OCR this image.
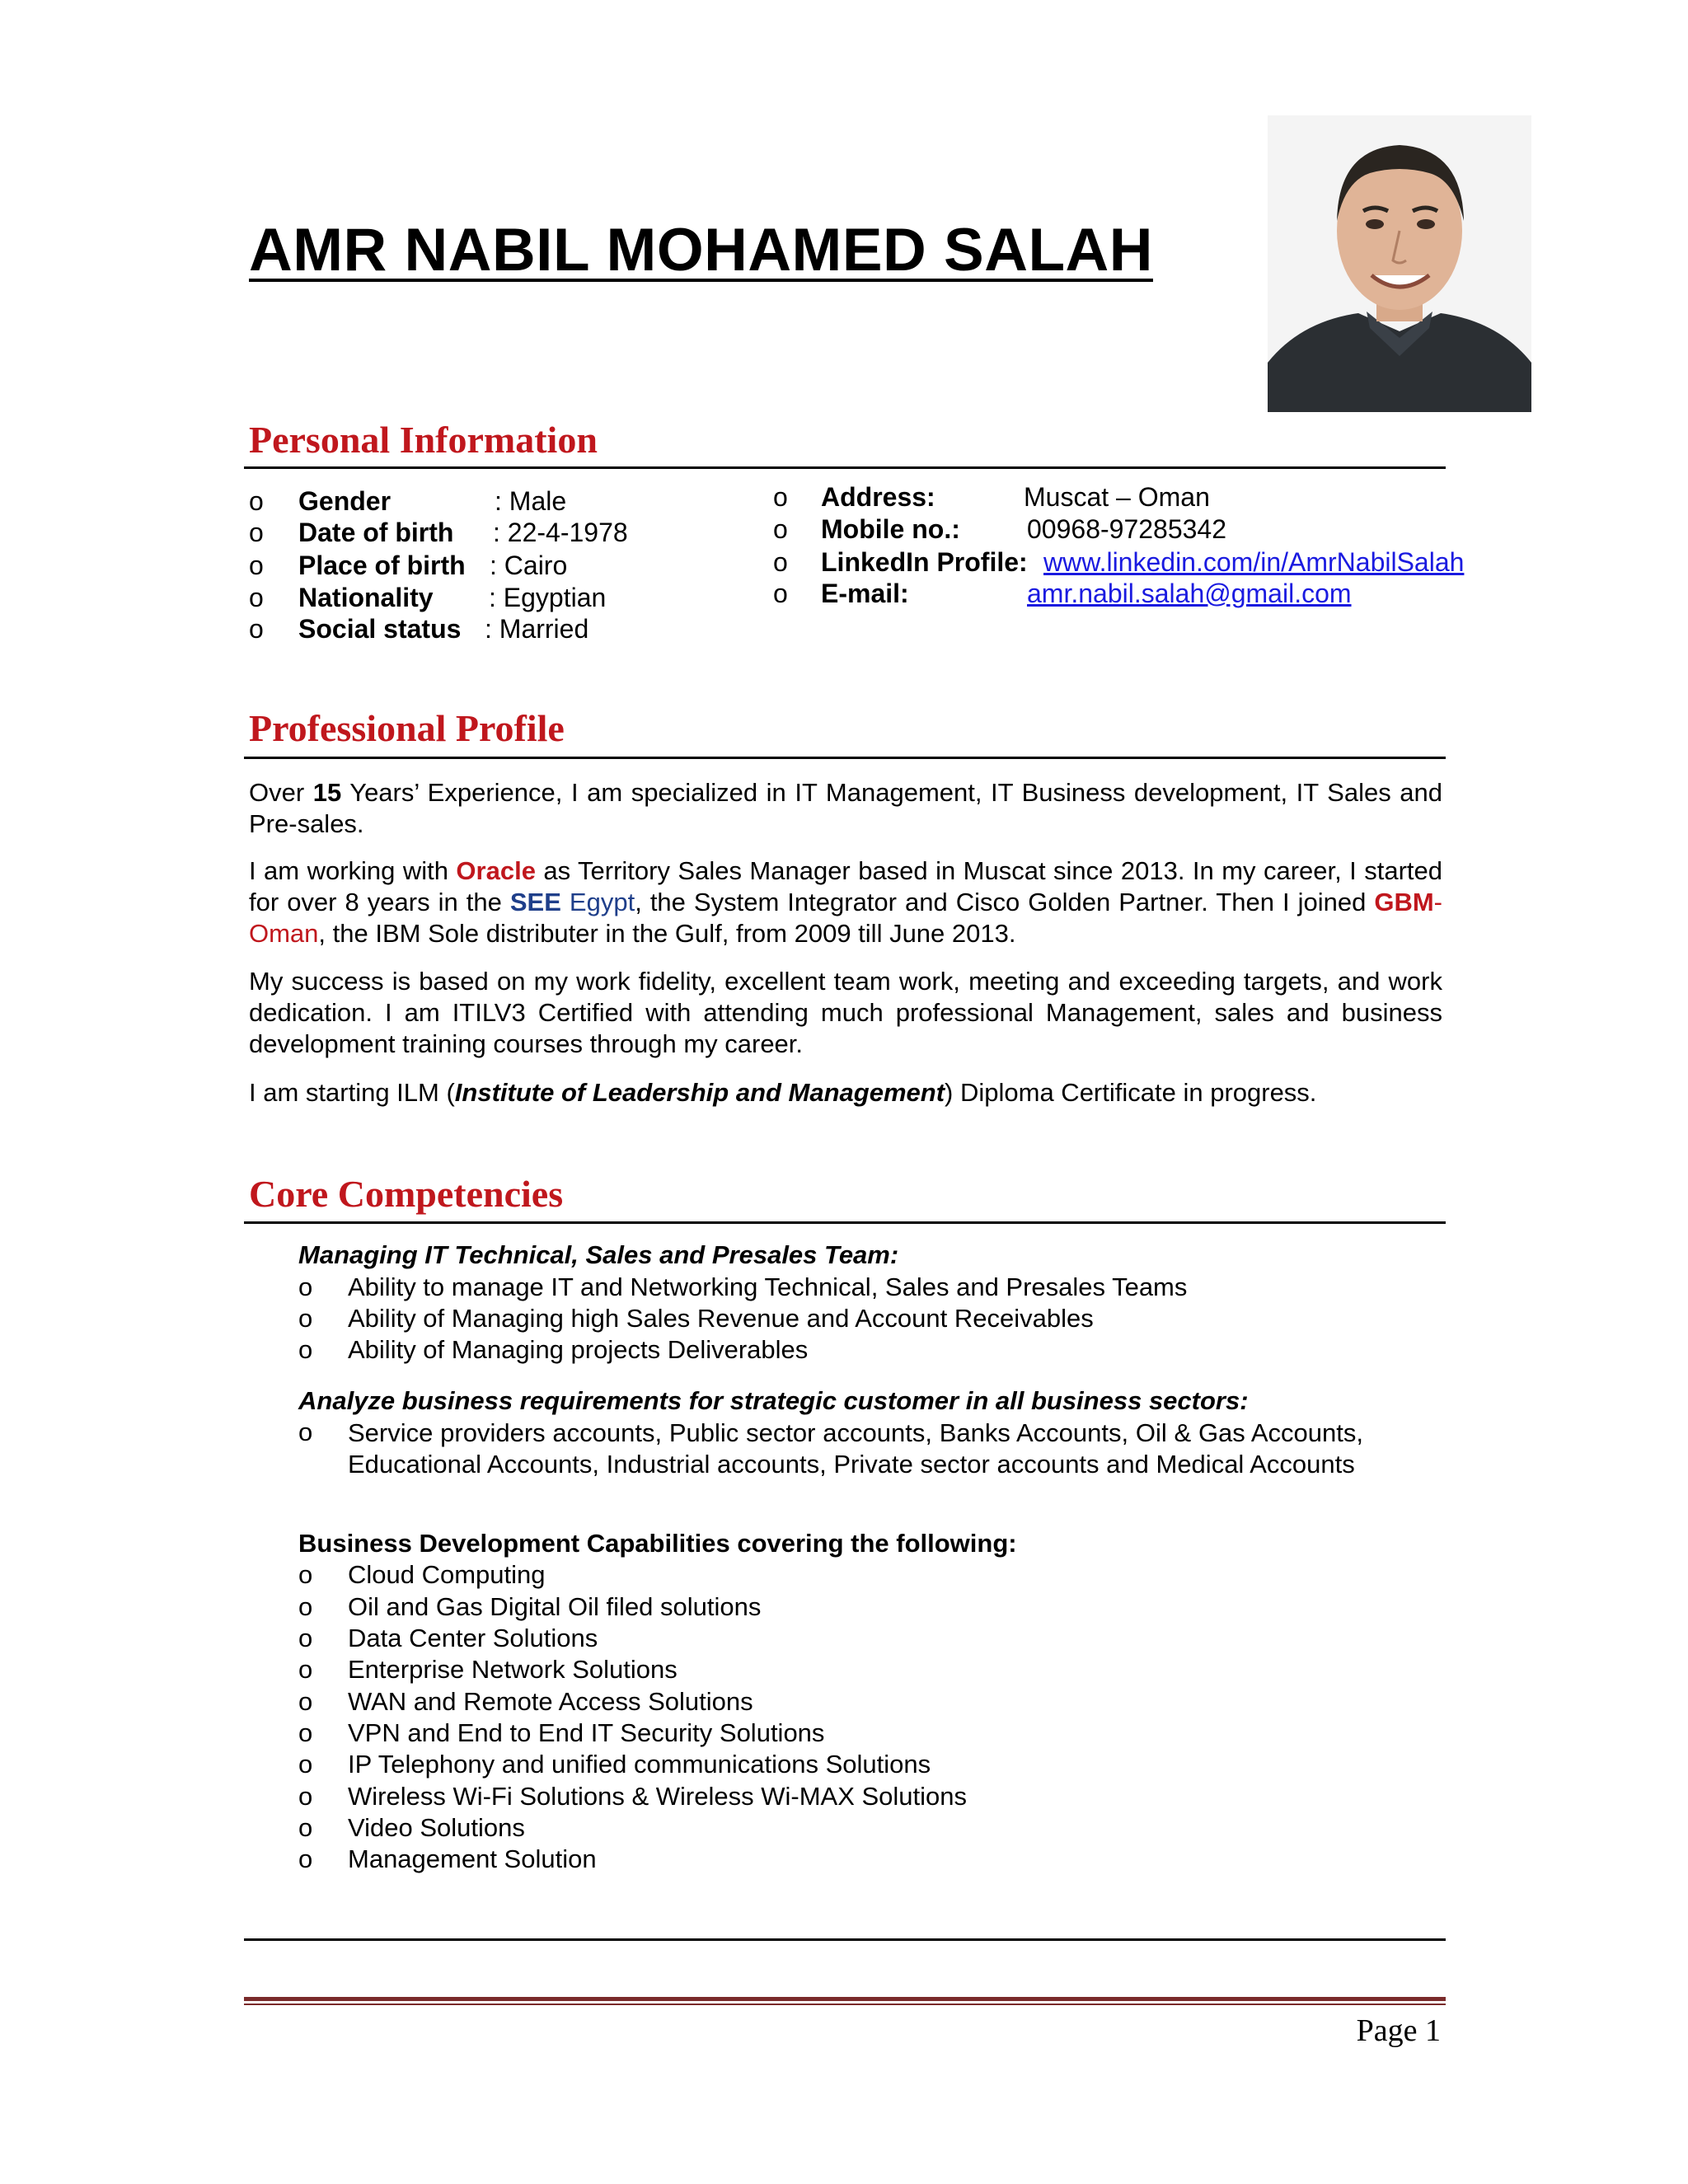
AMR NABIL MOHAMED SALAH
Personal Information
o Gender	: Male
o Date of birth : 22-4-1978
o Place of birth : Cairo
o Nationality : Egyptian
o Social status : Married
o Address:	Muscat – Oman
o Mobile no.:	00968-97285342
o LinkedIn Profile: www.linkedin.com/in/AmrNabilSalah
o E-mail:	amr.nabil.salah@gmail.com
Professional Profile
Over 15 Years’ Experience, I am specialized in IT Management, IT Business development, IT Sales and Pre-sales.
I am working with Oracle as Territory Sales Manager based in Muscat since 2013. In my career, I started for over 8 years in the SEE Egypt, the System Integrator and Cisco Golden Partner. Then I joined GBM-Oman, the IBM Sole distributer in the Gulf, from 2009 till June 2013.
My success is based on my work fidelity, excellent team work, meeting and exceeding targets, and work dedication. I am ITILV3 Certified with attending much professional Management, sales and business development training courses through my career.
I am starting ILM (Institute of Leadership and Management) Diploma Certificate in progress.
Core Competencies
Managing IT Technical, Sales and Presales Team:
o Ability to manage IT and Networking Technical, Sales and Presales Teams
o Ability of Managing high Sales Revenue and Account Receivables
o Ability of Managing projects Deliverables
Analyze business requirements for strategic customer in all business sectors:
o	Service providers accounts, Public sector accounts, Banks Accounts, Oil & Gas Accounts, Educational Accounts, Industrial accounts, Private sector accounts and Medical Accounts
Business Development Capabilities covering the following:
o Cloud Computing
o Oil and Gas Digital Oil filed solutions
o Data Center Solutions
o Enterprise Network Solutions
o WAN and Remote Access Solutions
o VPN and End to End IT Security Solutions
o IP Telephony and unified communications Solutions
o Wireless Wi-Fi Solutions & Wireless Wi-MAX Solutions
o Video Solutions
o Management Solution
Page 1
